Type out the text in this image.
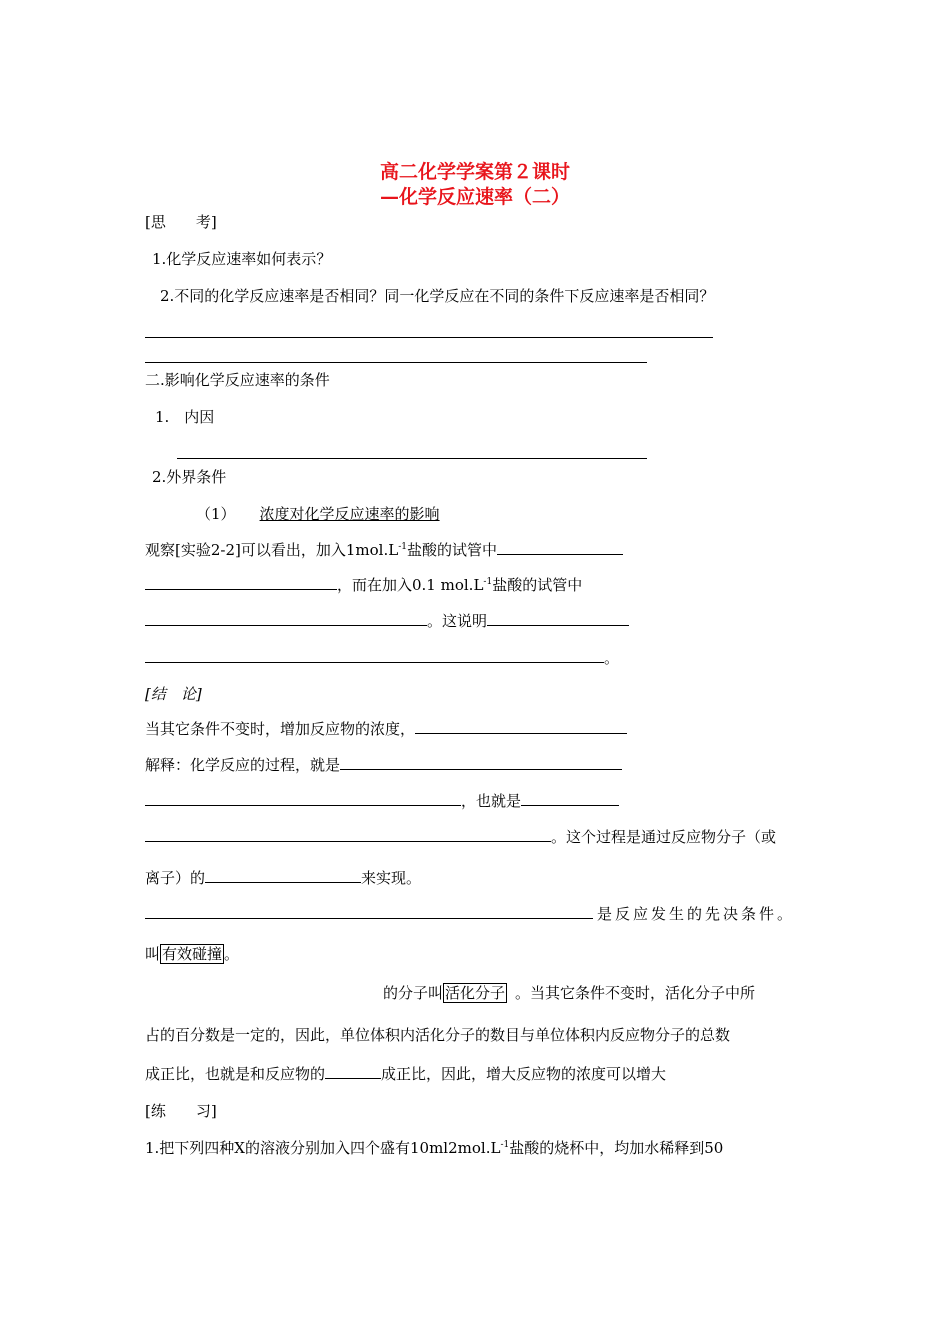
高二化学学案第２课时
—化学反应速率（二）
[思　　考]
1.化学反应速率如何表示？
2.不同的化学反应速率是否相同？同一化学反应在不同的条件下反应速率是否相同？
二.影响化学反应速率的条件
1.　内因
2.外界条件
（1） 浓度对化学反应速率的影响
观察[实验2-2]可以看出，加入$1mol.L^{-1}$盐酸的试管中
，而在加入0.1 $mol.L^{-1}$盐酸的试管中
。这说明
。
[结　论]
当其它条件不变时，增加反应物的浓度，
解释：化学反应的过程，就是
，也就是
。这个过程是通过反应物分子（或
离子）的	来实现。
是反应发生的先决条件。
叫 有效碰撞 。
的分子叫 活化分子 。当其它条件不变时，活化分子中所
占的百分数是一定的，因此，单位体积内活化分子的数目与单位体积内反应物分子的总数
成正比，也就是和反应物的	成正比，因此，增大反应物的浓度可以增大
[练　　习]
1.把下列四种X的溶液分别加入四个盛有$10ml2mol.L^{-1}$盐酸的烧杯中，均加水稀释到50
